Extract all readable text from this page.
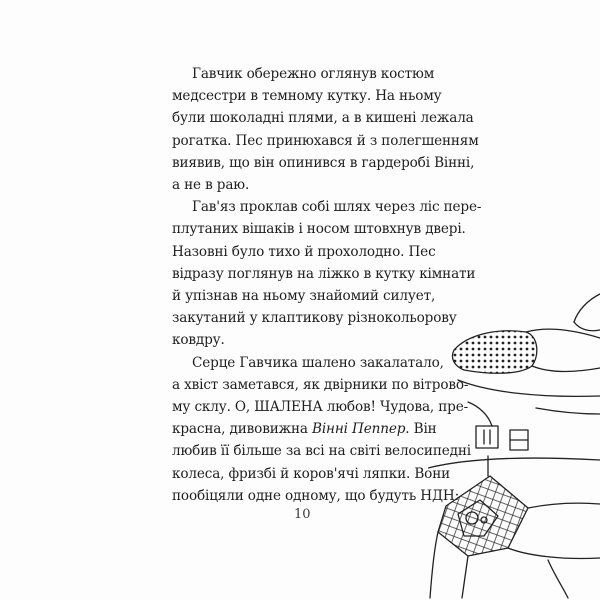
Гавчик обережно оглянув костюм

медсестри в темному кутку. На ньому

були шоколадні плями, а в кишені лежала

рогатка. Пес принюхався й з полегшенням

виявив, що він опинився в гардеробі Вінні,

а не в раю.

Гав'яз проклав собі шлях через ліс пере-

плутаних вішаків і носом штовхнув двері.

Назовні було тихо й прохолодно. Пес

відразу поглянув на ліжко в кутку кімнати

й упізнав на ньому знайомий силует,

закутаний у клаптикову різнокольорову

ковдру.

Серце Гавчика шалено закалатало,

а хвіст заметався, як двірники по вітрово-

му склу. О, ШАЛЕНА любов! Чудова, пре-

красна, дивовижна Вінні Пеппер. Він

любив її більше за всі на світі велосипедні

колеса, фризбі й коров'ячі ляпки. Вони

пообіцяли одне одному, що будуть НДН:

10
